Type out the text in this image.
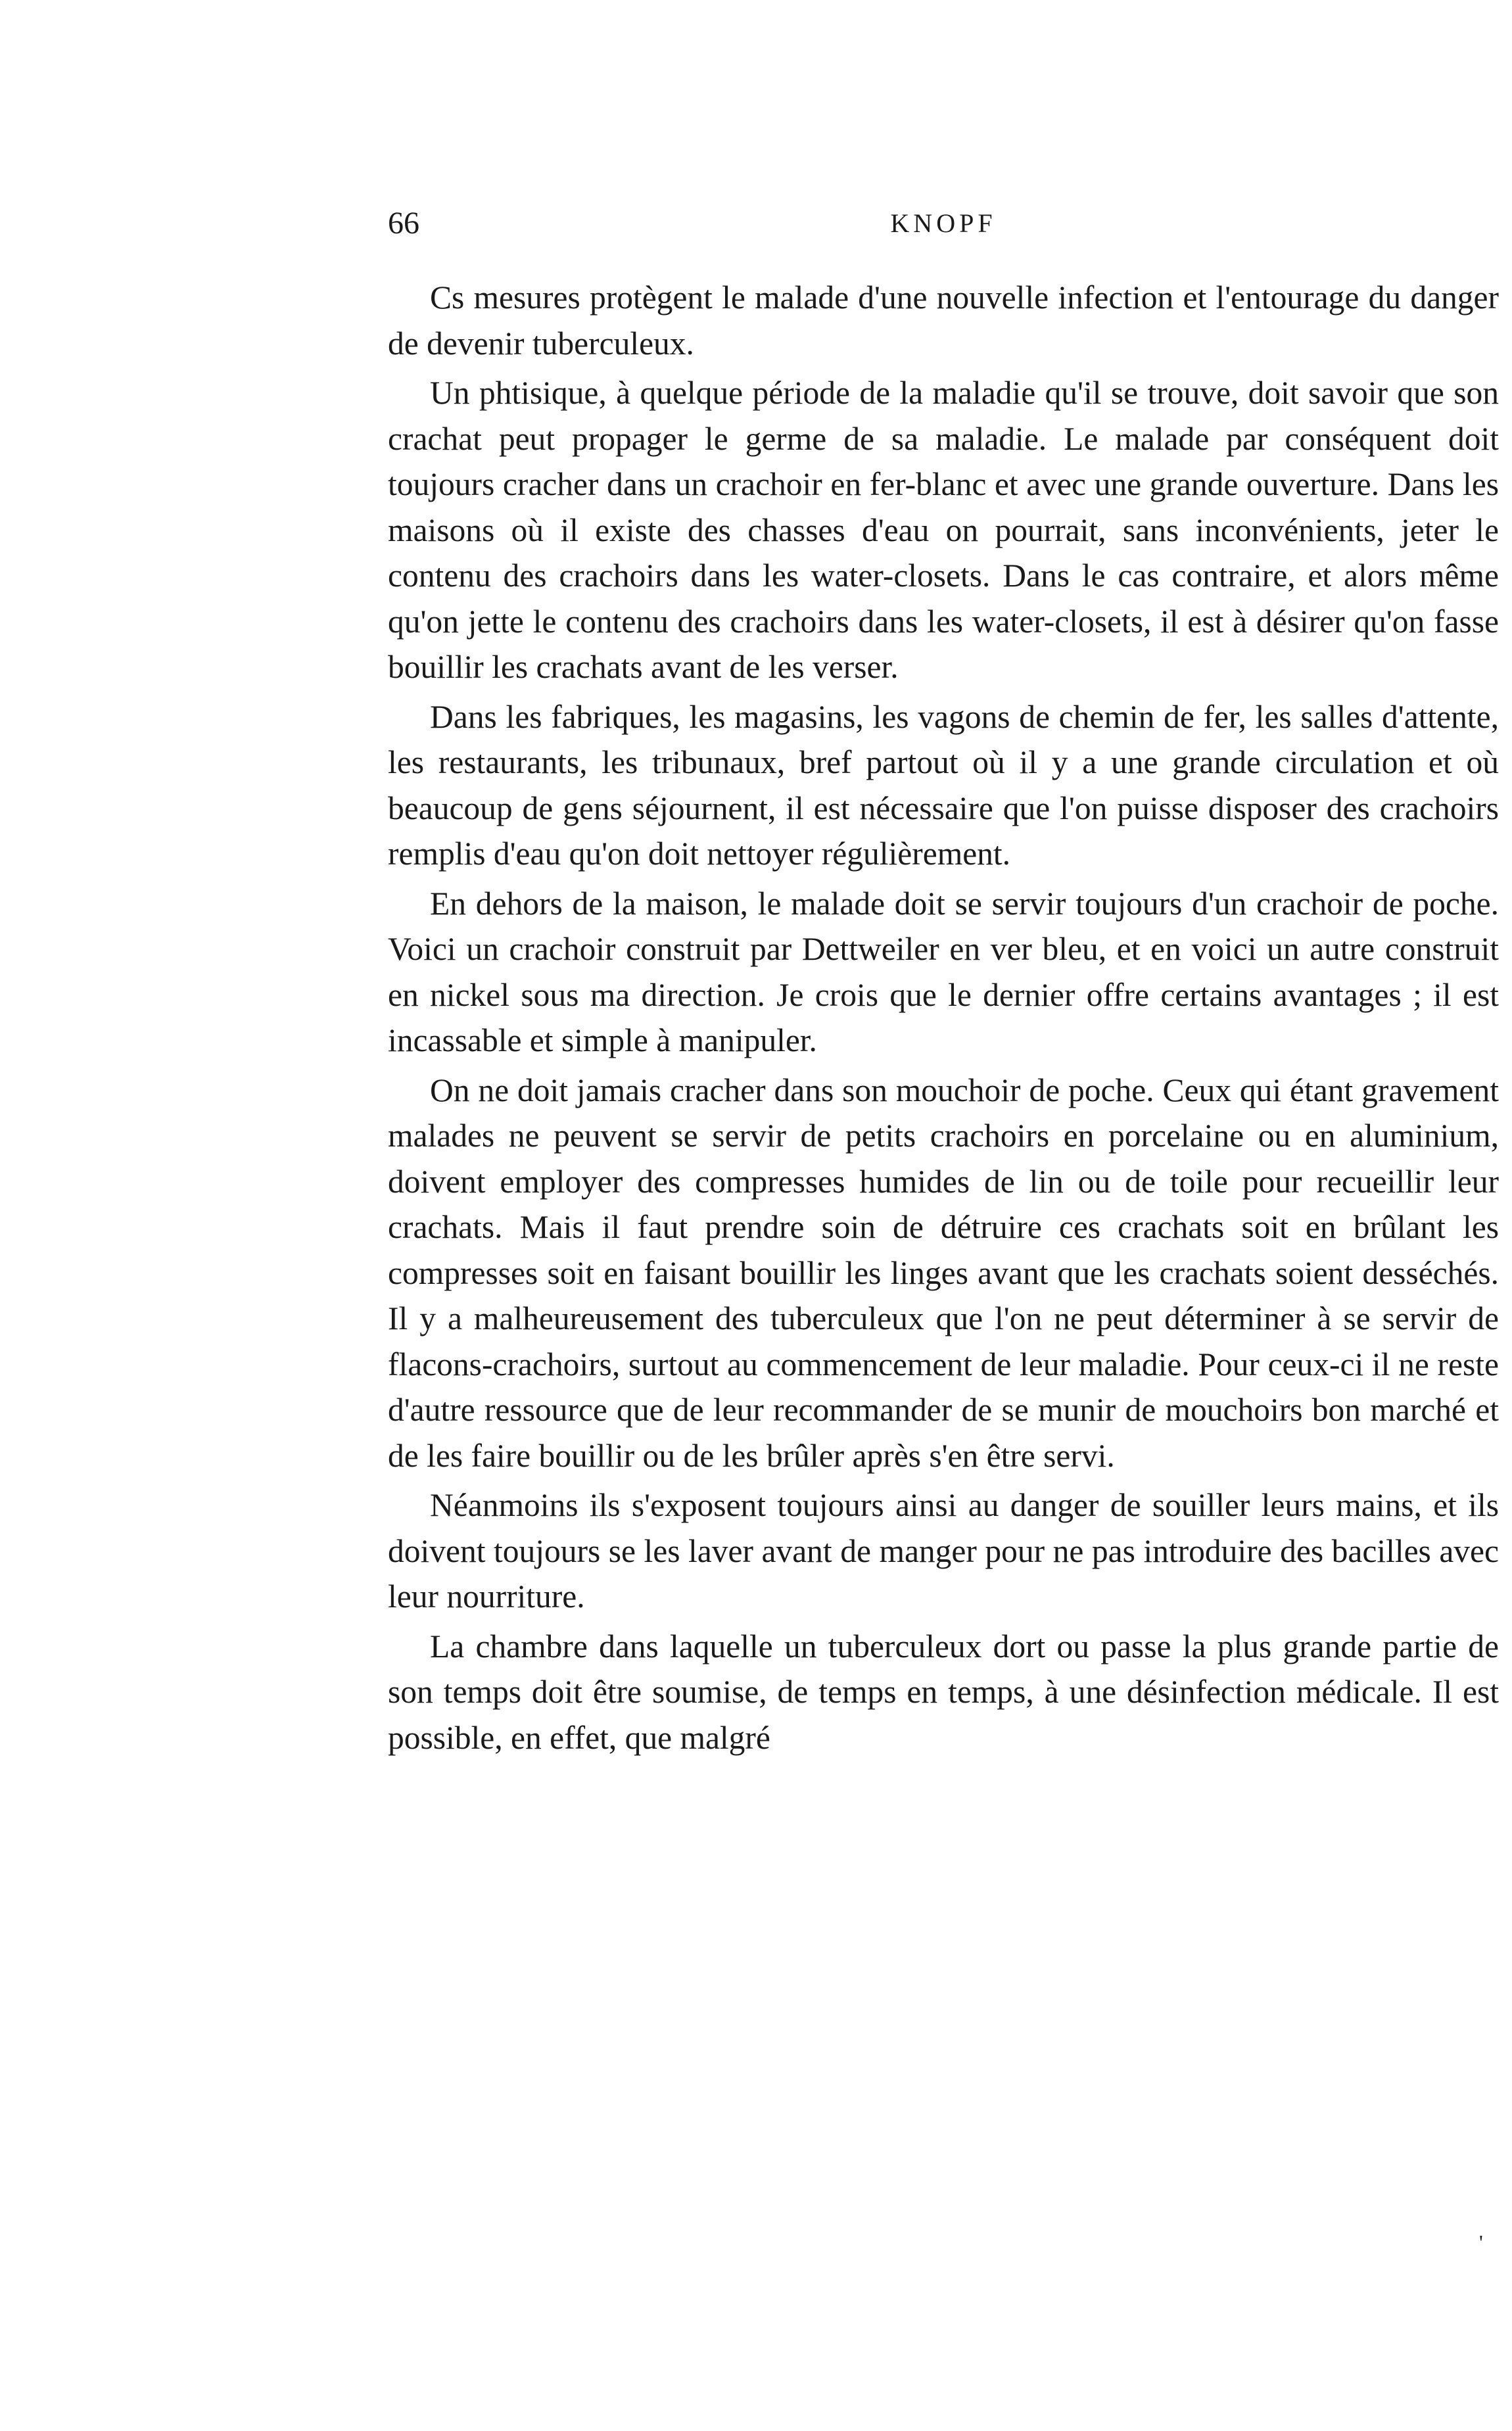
66	KNOPF

Cs mesures protègent le malade d'une nouvelle infection et l'entourage du danger de devenir tuberculeux.

Un phtisique, à quelque période de la maladie qu'il se trouve, doit savoir que son crachat peut propager le germe de sa maladie. Le malade par conséquent doit toujours cracher dans un crachoir en fer-blanc et avec une grande ouverture. Dans les maisons où il existe des chasses d'eau on pourrait, sans inconvénients, jeter le contenu des crachoirs dans les water-closets. Dans le cas contraire, et alors même qu'on jette le contenu des crachoirs dans les water-closets, il est à désirer qu'on fasse bouillir les crachats avant de les verser.

Dans les fabriques, les magasins, les vagons de chemin de fer, les salles d'attente, les restaurants, les tribunaux, bref partout où il y a une grande circulation et où beaucoup de gens séjournent, il est nécessaire que l'on puisse disposer des crachoirs remplis d'eau qu'on doit nettoyer régulièrement.

En dehors de la maison, le malade doit se servir toujours d'un crachoir de poche. Voici un crachoir construit par Dettweiler en ver bleu, et en voici un autre construit en nickel sous ma direction. Je crois que le dernier offre certains avantages ; il est incassable et simple à manipuler.

On ne doit jamais cracher dans son mouchoir de poche. Ceux qui étant gravement malades ne peuvent se servir de petits crachoirs en porcelaine ou en aluminium, doivent employer des compresses humides de lin ou de toile pour recueillir leur crachats. Mais il faut prendre soin de détruire ces crachats soit en brûlant les compresses soit en faisant bouillir les linges avant que les crachats soient desséchés. Il y a malheureusement des tuberculeux que l'on ne peut déterminer à se servir de flacons-crachoirs, surtout au commencement de leur maladie. Pour ceux-ci il ne reste d'autre ressource que de leur recommander de se munir de mouchoirs bon marché et de les faire bouillir ou de les brûler après s'en être servi.

Néanmoins ils s'exposent toujours ainsi au danger de souiller leurs mains, et ils doivent toujours se les laver avant de manger pour ne pas introduire des bacilles avec leur nourriture.

La chambre dans laquelle un tuberculeux dort ou passe la plus grande partie de son temps doit être soumise, de temps en temps, à une désinfection médicale. Il est possible, en effet, que malgré

'
